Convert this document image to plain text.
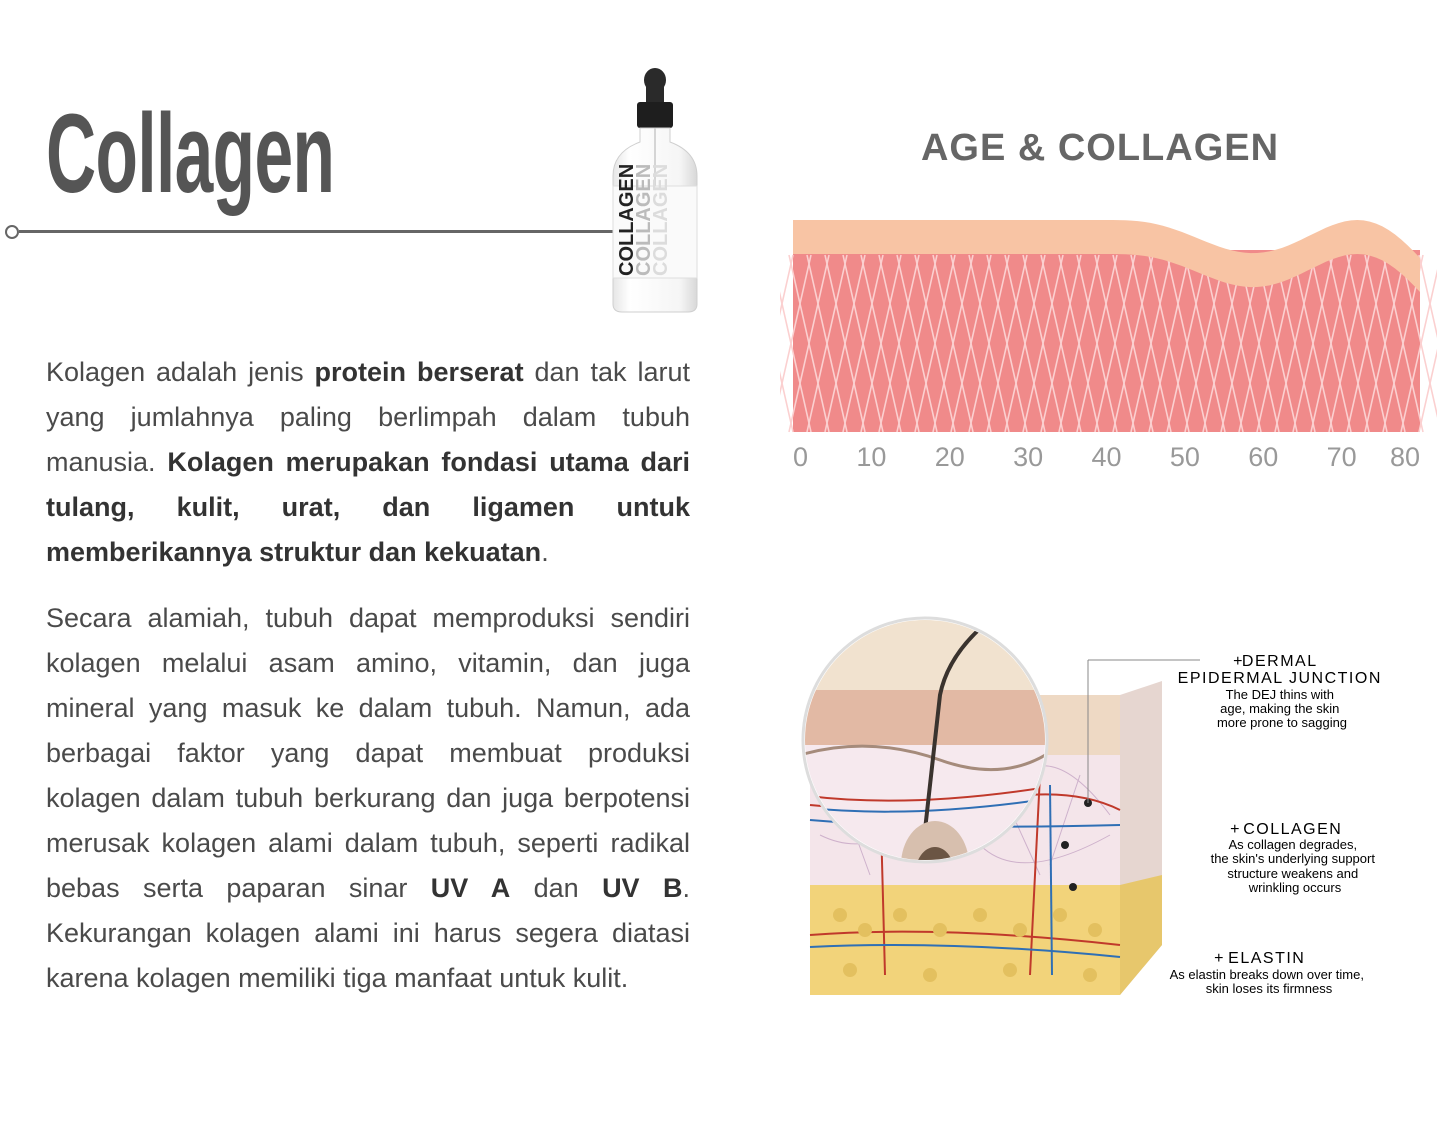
Collagen
COLLAGEN
COLLAGEN
COLLAGEN

Kolagen adalah jenis protein berserat dan tak larut yang jumlahnya paling berlimpah dalam tubuh manusia. Kolagen merupakan fondasi utama dari tulang, kulit, urat, dan ligamen untuk memberikannya struktur dan kekuatan.

Secara alamiah, tubuh dapat memproduksi sendiri kolagen melalui asam amino, vitamin, dan juga mineral yang masuk ke dalam tubuh. Namun, ada berbagai faktor yang dapat membuat produksi kolagen dalam tubuh berkurang dan juga berpotensi merusak kolagen alami dalam tubuh, seperti radikal bebas serta paparan sinar UV A dan UV B. Kekurangan kolagen alami ini harus segera diatasi karena kolagen memiliki tiga manfaat untuk kulit.

AGE & COLLAGEN
0 10 20 30 40 50 60 70 80
+ DERMAL EPIDERMAL JUNCTION The DEJ thins with age, making the skin more prone to sagging
+ COLLAGEN As collagen degrades, the skin's underlying support structure weakens and wrinkling occurs
+ ELASTIN As elastin breaks down over time, skin loses its firmness
